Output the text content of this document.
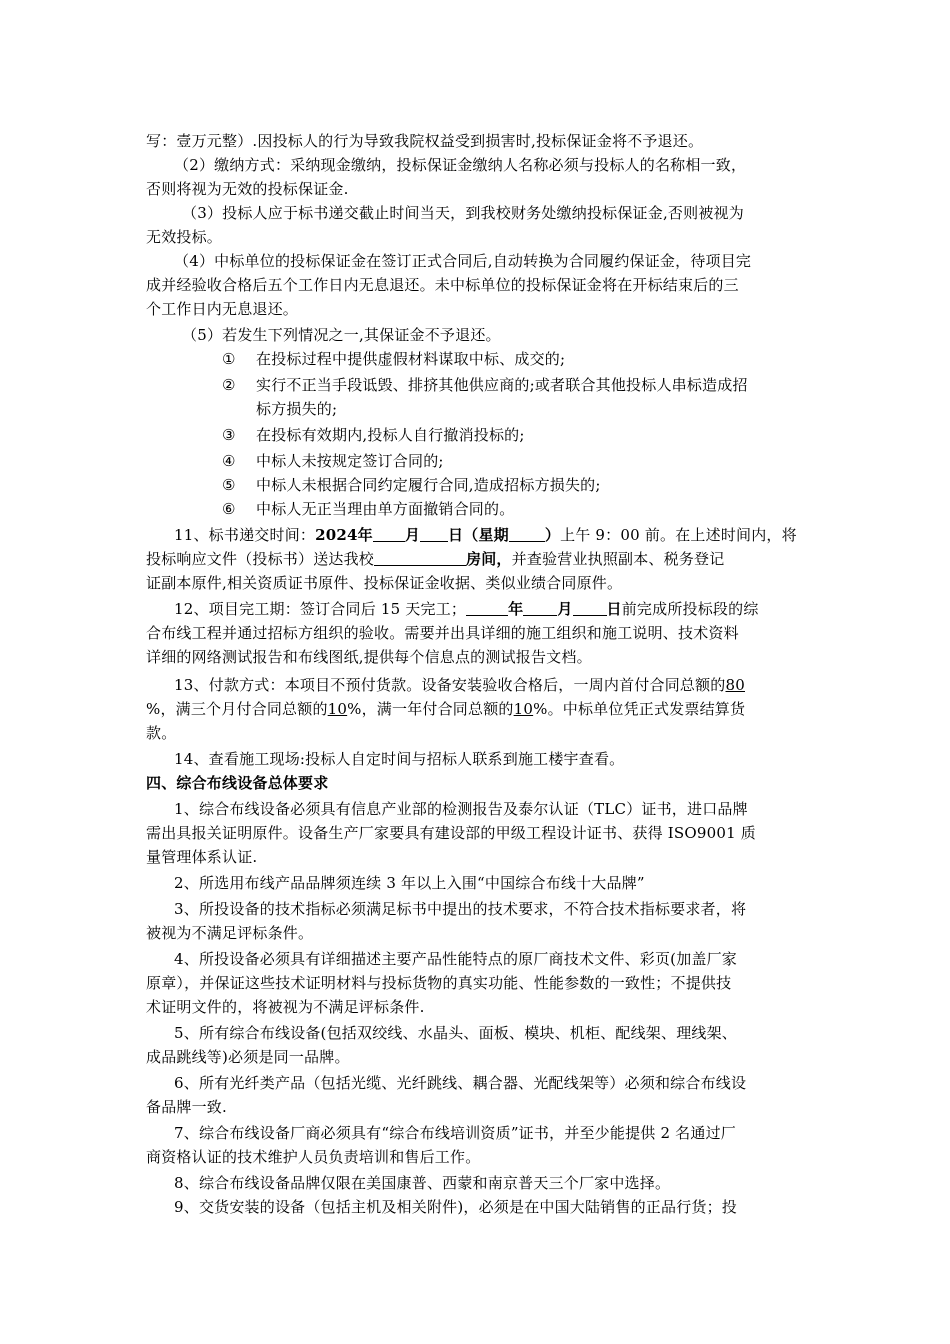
写：壹万元整）.因投标人的行为导致我院权益受到损害时,投标保证金将不予退还。
（2）缴纳方式：采纳现金缴纳，投标保证金缴纳人名称必须与投标人的名称相一致，
否则将视为无效的投标保证金.
（3）投标人应于标书递交截止时间当天，到我校财务处缴纳投标保证金,否则被视为
无效投标。
（4）中标单位的投标保证金在签订正式合同后,自动转换为合同履约保证金，待项目完
成并经验收合格后五个工作日内无息退还。未中标单位的投标保证金将在开标结束后的三
个工作日内无息退还。
（5）若发生下列情况之一,其保证金不予退还。
① 在投标过程中提供虚假材料谋取中标、成交的;
② 实行不正当手段诋毁、排挤其他供应商的;或者联合其他投标人串标造成招
标方损失的;
③ 在投标有效期内,投标人自行撤消投标的;
④ 中标人未按规定签订合同的;
⑤ 中标人未根据合同约定履行合同,造成招标方损失的;
⑥ 中标人无正当理由单方面撤销合同的。
11、标书递交时间：2024年 月 日（星期 ）上午 9：00 前。在上述时间内，将
投标响应文件（投标书）送达我校	房间，并查验营业执照副本、税务登记
证副本原件,相关资质证书原件、投标保证金收据、类似业绩合同原件。
12、项目完工期：签订合同后 15 天完工；	年 月 日前完成所投标段的综
合布线工程并通过招标方组织的验收。需要并出具详细的施工组织和施工说明、技术资料
详细的网络测试报告和布线图纸,提供每个信息点的测试报告文档。
13、付款方式：本项目不预付货款。设备安装验收合格后，一周内首付合同总额的80
%，满三个月付合同总额的10%，满一年付合同总额的10%。中标单位凭正式发票结算货
款。
14、查看施工现场:投标人自定时间与招标人联系到施工楼宇查看。
四、综合布线设备总体要求
1、综合布线设备必须具有信息产业部的检测报告及泰尔认证（TLC）证书，进口品牌
需出具报关证明原件。设备生产厂家要具有建设部的甲级工程设计证书、获得 ISO9001 质
量管理体系认证.
2、所选用布线产品品牌须连续 3 年以上入围“中国综合布线十大品牌”
3、所投设备的技术指标必须满足标书中提出的技术要求，不符合技术指标要求者，将
被视为不满足评标条件。
4、所投设备必须具有详细描述主要产品性能特点的原厂商技术文件、彩页(加盖厂家
原章），并保证这些技术证明材料与投标货物的真实功能、性能参数的一致性；不提供技
术证明文件的，将被视为不满足评标条件.
5、所有综合布线设备(包括双绞线、水晶头、面板、模块、机柜、配线架、理线架、
成品跳线等)必须是同一品牌。
6、所有光纤类产品（包括光缆、光纤跳线、耦合器、光配线架等）必须和综合布线设
备品牌一致.
7、综合布线设备厂商必须具有“综合布线培训资质”证书，并至少能提供 2 名通过厂
商资格认证的技术维护人员负责培训和售后工作。
8、综合布线设备品牌仅限在美国康普、西蒙和南京普天三个厂家中选择。
9、交货安装的设备（包括主机及相关附件)，必须是在中国大陆销售的正品行货；投
